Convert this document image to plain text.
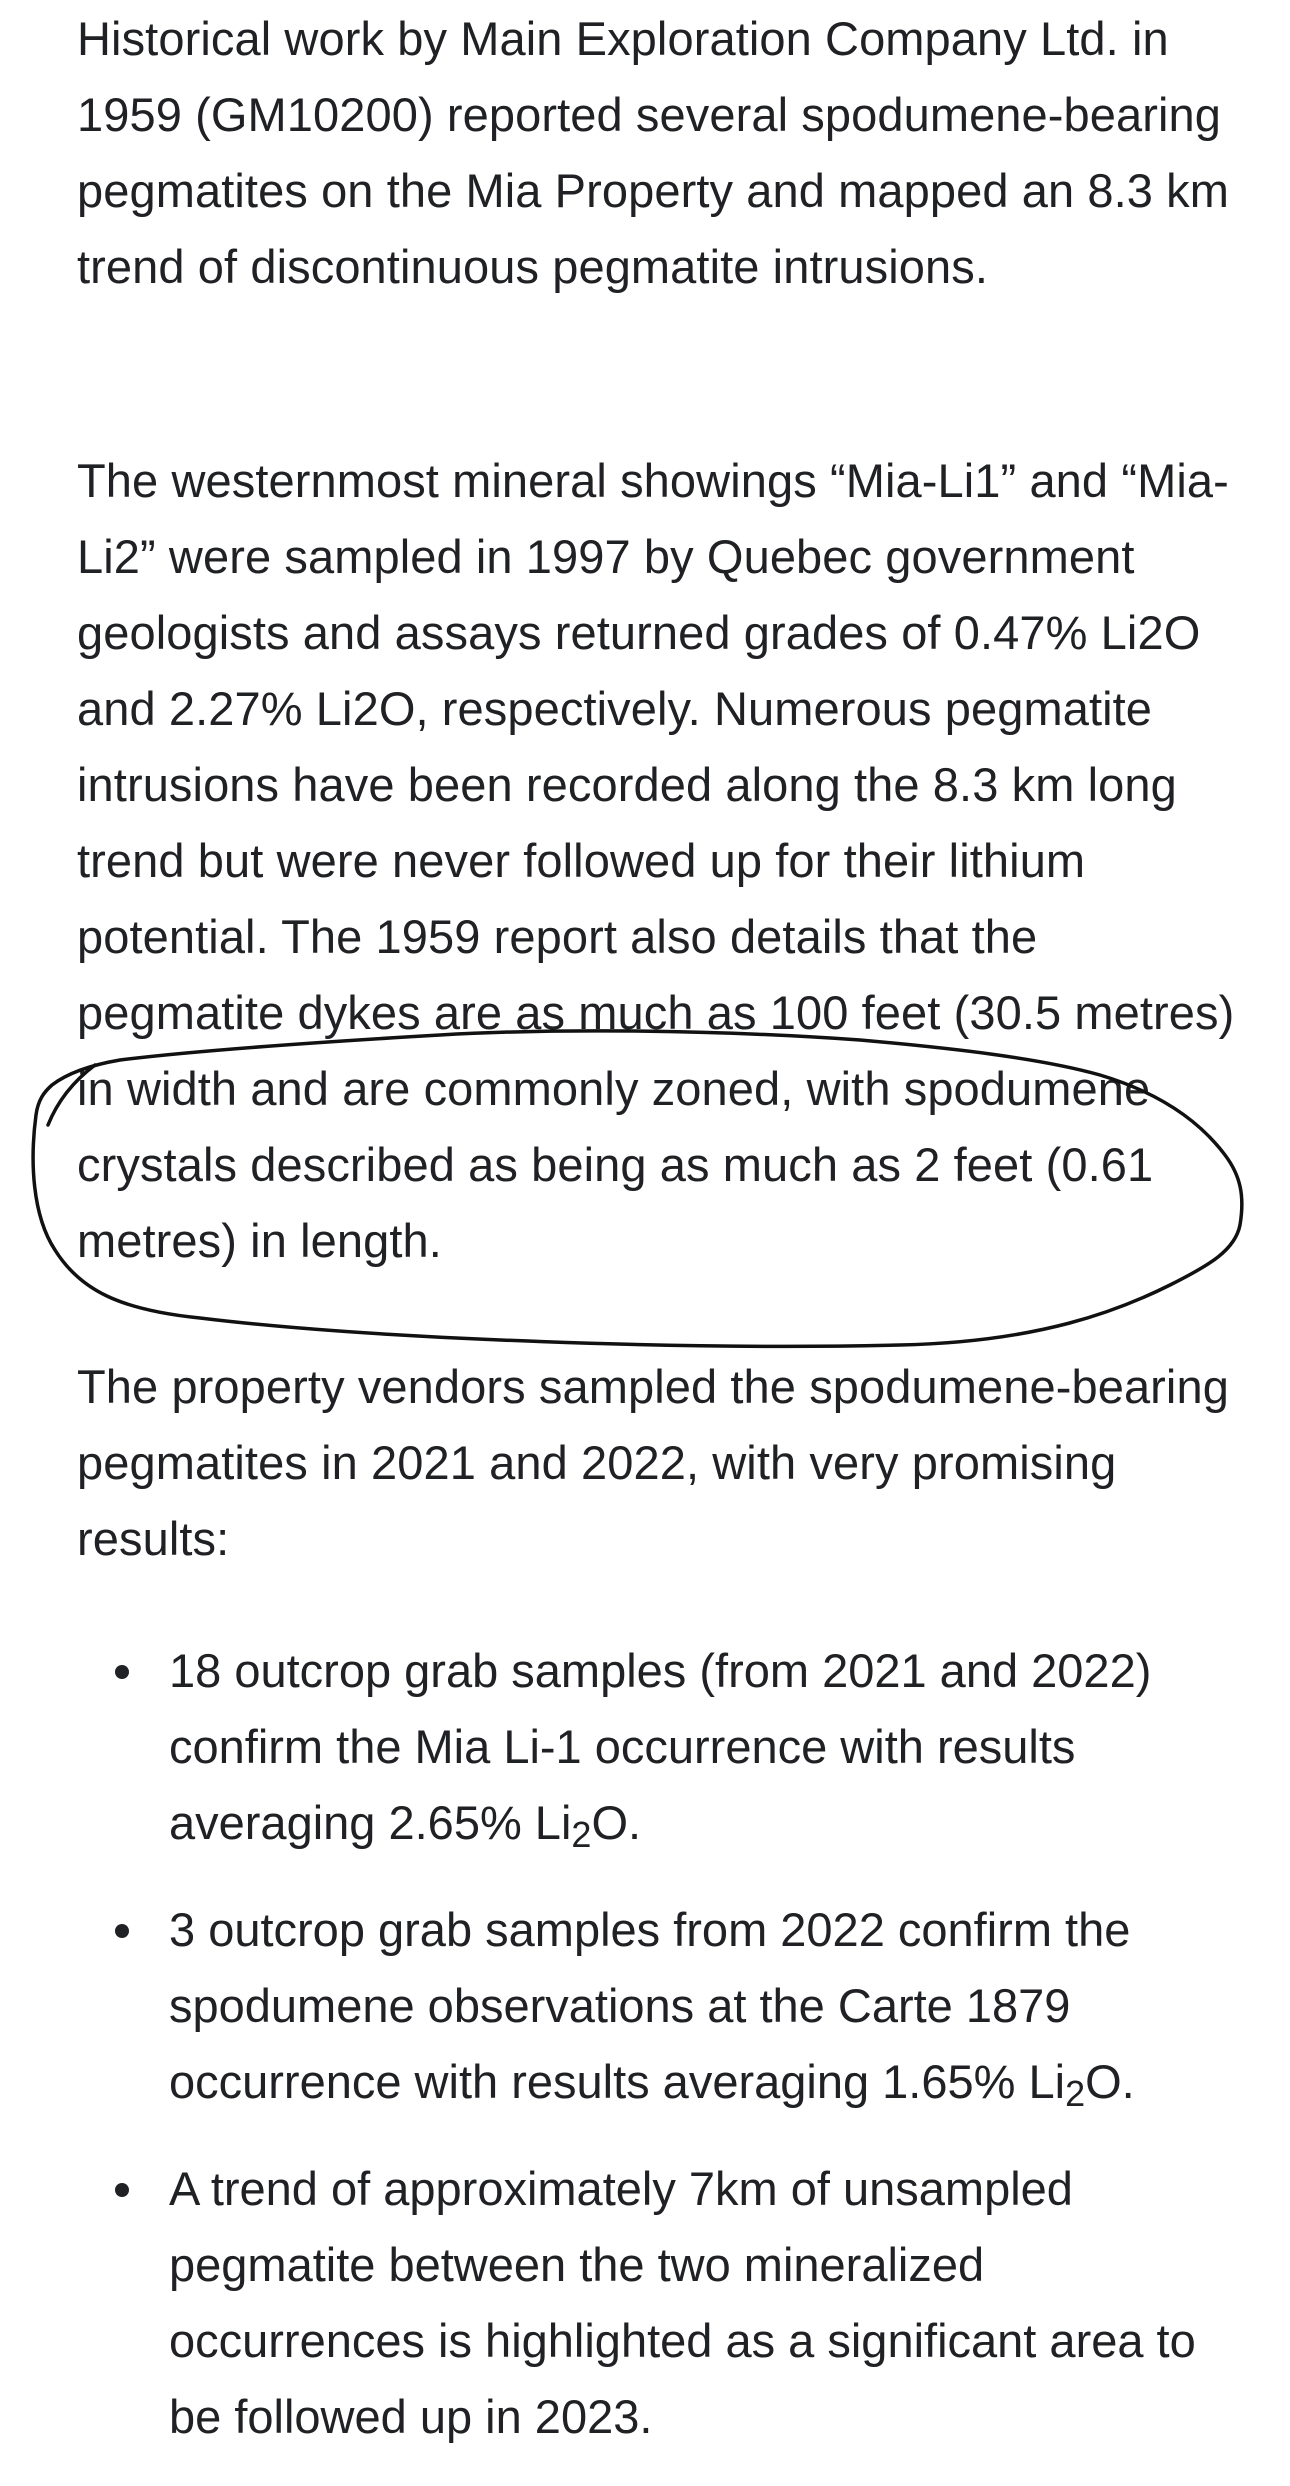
Historical work by Main Exploration Company Ltd. in 1959 (GM10200) reported several spodumene-bearing pegmatites on the Mia Property and mapped an 8.3 km trend of discontinuous pegmatite intrusions.

The westernmost mineral showings “Mia-Li1” and “Mia-Li2” were sampled in 1997 by Quebec government geologists and assays returned grades of 0.47% Li2O and 2.27% Li2O, respectively. Numerous pegmatite intrusions have been recorded along the 8.3 km long trend but were never followed up for their lithium potential. The 1959 report also details that the pegmatite dykes are as much as 100 feet (30.5 metres) in width and are commonly zoned, with spodumene crystals described as being as much as 2 feet (0.61 metres) in length.

The property vendors sampled the spodumene-bearing pegmatites in 2021 and 2022, with very promising results:

18 outcrop grab samples (from 2021 and 2022) confirm the Mia Li-1 occurrence with results averaging 2.65% $Li_2O$.
3 outcrop grab samples from 2022 confirm the spodumene observations at the Carte 1879 occurrence with results averaging 1.65% $Li_2O$.
A trend of approximately 7km of unsampled pegmatite between the two mineralized occurrences is highlighted as a significant area to be followed up in 2023.
